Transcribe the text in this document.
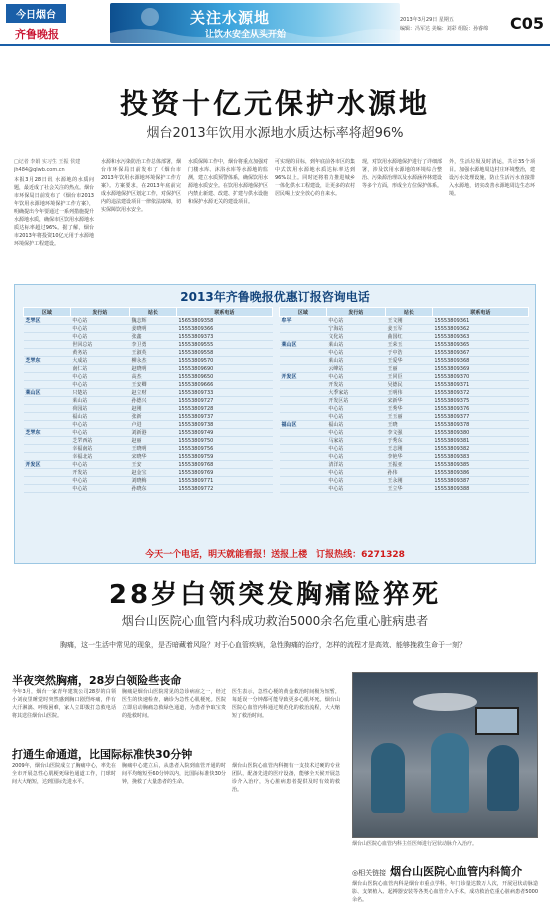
今日烟台
齐鲁晚报
关注水源地
让饮水安全从头开始
2013年3月29日 星期五
编辑：冯军达 美编：刘彩 组版：孙睿绵	C05
投资十亿元保护水源地
烟台2013年饮用水源地水质达标率将超96%
□记者 李娟 实习生 王振 侯建
jh484@qlwb.com.cn
本报3月28日讯 水源地的水质问题，最近成了社会关注的热点。烟台市环保局日前发布了《烟台市2013年饮用水源地环境保护工作方案》，明确提出今年要通过一系列措施提升水源地水质，确保市区饮用水源地水质达标率超过96%。据了解，烟台市2013年将投资10亿元用于水源地环境保护工程建设。
水源和水污染防治工作总体部署，烟台市环保局日前发布了《烟台市2013年饮用水源地环境保护工作方案》。方案要求，在2013年底前完成水源地保护区划定工作，对保护区内的违法建设项目一律依法取缔，切实保障饮用水安全。
水质保障工作中，烟台将重点加强对门楼水库、沐浴水库等水源地的监测，建立水质预警体系，确保饮用水源地水质安全。在饮用水源地保护区内禁止新建、改建、扩建与供水设施和保护水源无关的建设项目。
可实现的目标，到年底前各市区的集中式饮用水源地水质达标率达到96%以上。同时还将着力推进城乡一体化供水工程建设，让更多的农村居民喝上安全放心的自来水。
现，对饮用水源地保护进行了详细部署，涉及饮用水源地的环境综合整治、污染源治理以及水源涵养林建设等多个方面，形成全方位保护体系。
外，生活垃圾及时清运，共计35个项目。加强水源地周边村庄环境整治，建设污水处理设施，防止生活污水直接排入水源地，切实改善水源地周边生态环境。
2013年齐鲁晚报优惠订报咨询电话
区域	发行站	站长	联系电话
芝罘区	中心站	魏志辉	15653809358
	中心站	姜晓明	15553809366
	中心站	张鑫	15553809373
	世回总站	李卫勇	15553809555
	黄务站	王淑英	15553809558
芝罘东	大成站	柳永杰	15553809570
	南仁站	赵晓明	15553809690
	中心站	高杰	15553809650
	中心站	王安卿	15553809666
莱山区	只楚站	赵立财	15553809733
	莱山站	孙德兴	15553809727
	荷园站	赵刚	15553809728
	福山站	张新	15553809737
	中心站	卢进	15553809738
芝罘东	中心站	刘新港	15553809749
	芝罘西站	赵丽	15553809750
	幸福南站	王晓明	15553809756
	幸福北站	宋晓华	15553809759
开发区	中心站	王安	15553809768
	开发站	赵金宝	15553809769
	中心站	刘晓梅	15553809771
	中心站	孙晓东	15553809772
区域	发行站	站长	联系电话
牟平	中心站	王文刚	15553809361
	宁海站	姜玉军	15553809362
	文化站	曲国红	15553809363
莱山区	莱山站	王荣玉	15553809365
	中心站	于中浩	15553809367
	莱山站	王爱华	15553809368
	云峰站	王丽	15553809369
开发区	中心站	王同臣	15553809370
	开发站	吴德民	15553809371
	大季家站	王明伟	15553809372
	开发区站	宋新华	15553809375
	中心站	王秀华	15553809376
	中心站	王玉丽	15553809377
福山区	福山站	王晓	15553809378
	中心站	李文强	15553809380
	马家站	于秀东	15553809381
	中心站	王志刚	15553809382
	中心站	李艳华	15553809383
	清洋站	王振亚	15553809385
	中心站	孙伟	15553809386
	中心站	王永刚	15553809387
	中心站	王立华	15553809388
今天一个电话，明天就能看报！送报上楼　订报热线：6271328
28岁白领突发胸痛险猝死
烟台山医院心血管内科成功救治5000余名危重心脏病患者
胸痛，这一生活中常见的现象，是否暗藏着风险？对于心血管疾病，急性胸痛的治疗，怎样的流程才是高效、能够挽救生命于一刻？
半夜突然胸痛，28岁白领险些丧命
今年3月，烟台一家青年建筑公司28岁的白领小刘夜里睡觉时突然感到胸口剧烈疼痛，伴有大汗淋漓、呼吸困难，家人立即拨打急救电话将其送往烟台山医院。
胸痛是烟台山医院常见的急诊病症之一，经过医生的快速检查，确诊为急性心肌梗死。医院立即启动胸痛急救绿色通道，为患者争取宝贵的抢救时间。
医生表示，急性心梗的黄金救治时间极为短暂，每延误一分钟都可能导致更多心肌坏死。烟台山医院心血管内科通过规范化的救治流程，大大缩短了救治时间。
打通生命通道，比国际标准快30分钟
2009年，烟台山医院成立了胸痛中心，率先在全市开展急性心肌梗死绿色通道工作，门球时间大大缩短，达到国际先进水平。
胸痛中心建立后，从患者入院到血管开通的时间平均缩短至60分钟以内，比国际标准快30分钟，挽救了大量患者的生命。
烟台山医院心血管内科拥有一支技术过硬的专业团队，配备先进的医疗设备，能够全天候开展急诊介入治疗，为心脏病患者提供及时有效的救治。
烟台山医院心血管内科主任医师进行冠状动脉介入治疗。
◎相关链接 烟台山医院心血管内科简介
烟台山医院心血管内科是烟台市重点学科，年门诊量达数万人次，开展冠状动脉造影、支架植入、起搏器安装等各类心血管介入手术，成功救治危重心脏病患者5000余名。
